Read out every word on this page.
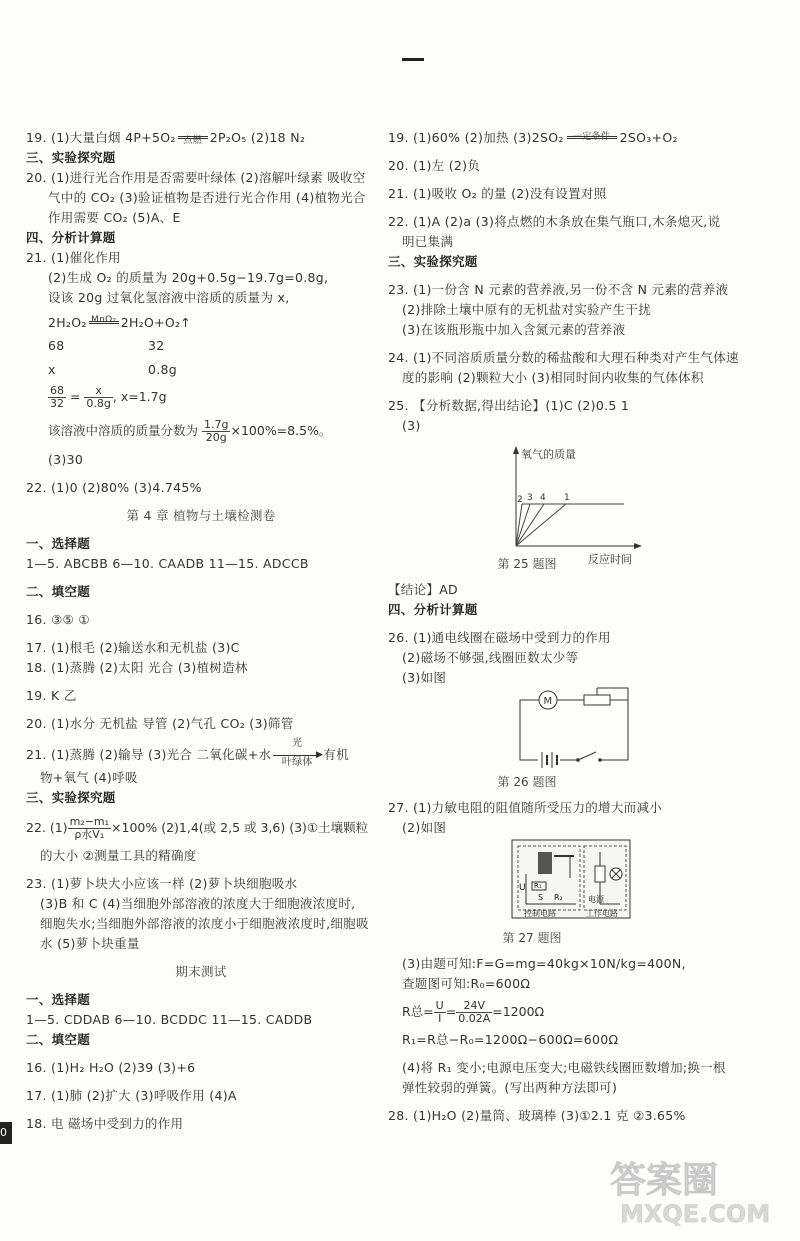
19. (1)大量白烟 4P+5O₂ 点燃 2P₂O₅ (2)18 N₂
三、实验探究题
20. (1)进行光合作用是否需要叶绿体 (2)溶解叶绿素 吸收空
气中的 CO₂ (3)验证植物是否进行光合作用 (4)植物光合
作用需要 CO₂ (5)A、E
四、分析计算题
21. (1)催化作用
(2)生成 O₂ 的质量为 20g+0.5g−19.7g=0.8g,
设该 20g 过氧化氢溶液中溶质的质量为 x,
2H₂O₂ MnO₂ 2H₂O+O₂↑
68	32
x	0.8g
$\frac{68}{32} = \frac{x}{0.8g}$ , x=1.7g
该溶液中溶质的质量分数为 $\frac{1.7g}{20g} \times 100\%=8.5\%$。
(3)30
22. (1)0 (2)80% (3)4.745%
第 4 章 植物与土壤检测卷
一、选择题
1—5. ABCBB 6—10. CAADB 11—15. ADCCB
二、填空题
16. ③⑤ ①
17. (1)根毛 (2)输送水和无机盐 (3)C
18. (1)蒸腾 (2)太阳 光合 (3)植树造林
19. K 乙
20. (1)水分 无机盐 导管 (2)气孔 CO₂ (3)筛管
21. (1)蒸腾 (2)输导 (3)光合 二氧化碳+水
光
▶
叶绿体 有机
物+氧气 (4)呼吸
三、实验探究题
22. $(1) \frac{\text{m₂−m₁}}{\text{ρ水V₁}} \times 100\%$ (2)1,4(或 2,5 或 3,6) (3)①土壤颗粒
的大小 ②测量工具的精确度
23. (1)萝卜块大小应该一样 (2)萝卜块细胞吸水
(3)B 和 C (4)当细胞外部溶液的浓度大于细胞液浓度时,
细胞失水;当细胞外部溶液的浓度小于细胞液浓度时,细胞吸
水 (5)萝卜块重量
期末测试
一、选择题
1—5. CDDAB 6—10. BCDDC 11—15. CADDB
二、填空题
16. (1)H₂ H₂O (2)39 (3)+6
17. (1)肺 (2)扩大 (3)呼吸作用 (4)A
18. 电 磁场中受到力的作用
19. (1)60% (2)加热 (3)2SO₂	一定条件 2SO₃+O₂
20. (1)左 (2)负
21. (1)吸收 O₂ 的量 (2)没有设置对照
22. (1)A (2)a (3)将点燃的木条放在集气瓶口,木条熄灭,说
明已集满
三、实验探究题
23. (1)一份含 N 元素的营养液,另一份不含 N 元素的营养液
(2)排除土壤中原有的无机盐对实验产生干扰
(3)在该瓶形瓶中加入含氮元素的营养液
24. (1)不同溶质质量分数的稀盐酸和大理石种类对产生气体速
度的影响 (2)颗粒大小 (3)相同时间内收集的气体体积
25. 【分析数据,得出结论】(1)C (2)0.5 1
(3)
氧气的质量
反应时间
2 3 4 1
第 25 题图
【结论】AD
四、分析计算题
26. (1)通电线圈在磁场中受到力的作用
(2)磁场不够强,线圈匝数太少等
(3)如图
M
第 26 题图
27. (1)力敏电阻的阻值随所受压力的增大而减小
(2)如图
U R₁
S R₂	电源
控制电路	工作电路
第 27 题图
(3)由题可知:F=G=mg=40kg×10N/kg=400N,
查题图可知:R₀=600Ω
R总= $\frac{U}{I} = \frac{24V}{0.02A} =1200\Omega$
R₁=R总−R₀=1200Ω−600Ω=600Ω
(4)将 R₁ 变小;电源电压变大;电磁铁线圈匝数增加;换一根
弹性较弱的弹簧。(写出两种方法即可)
28. (1)H₂O (2)量筒、玻璃棒 (3)①2.1 克 ②3.65%
0
答案圈
MXQE.COM
